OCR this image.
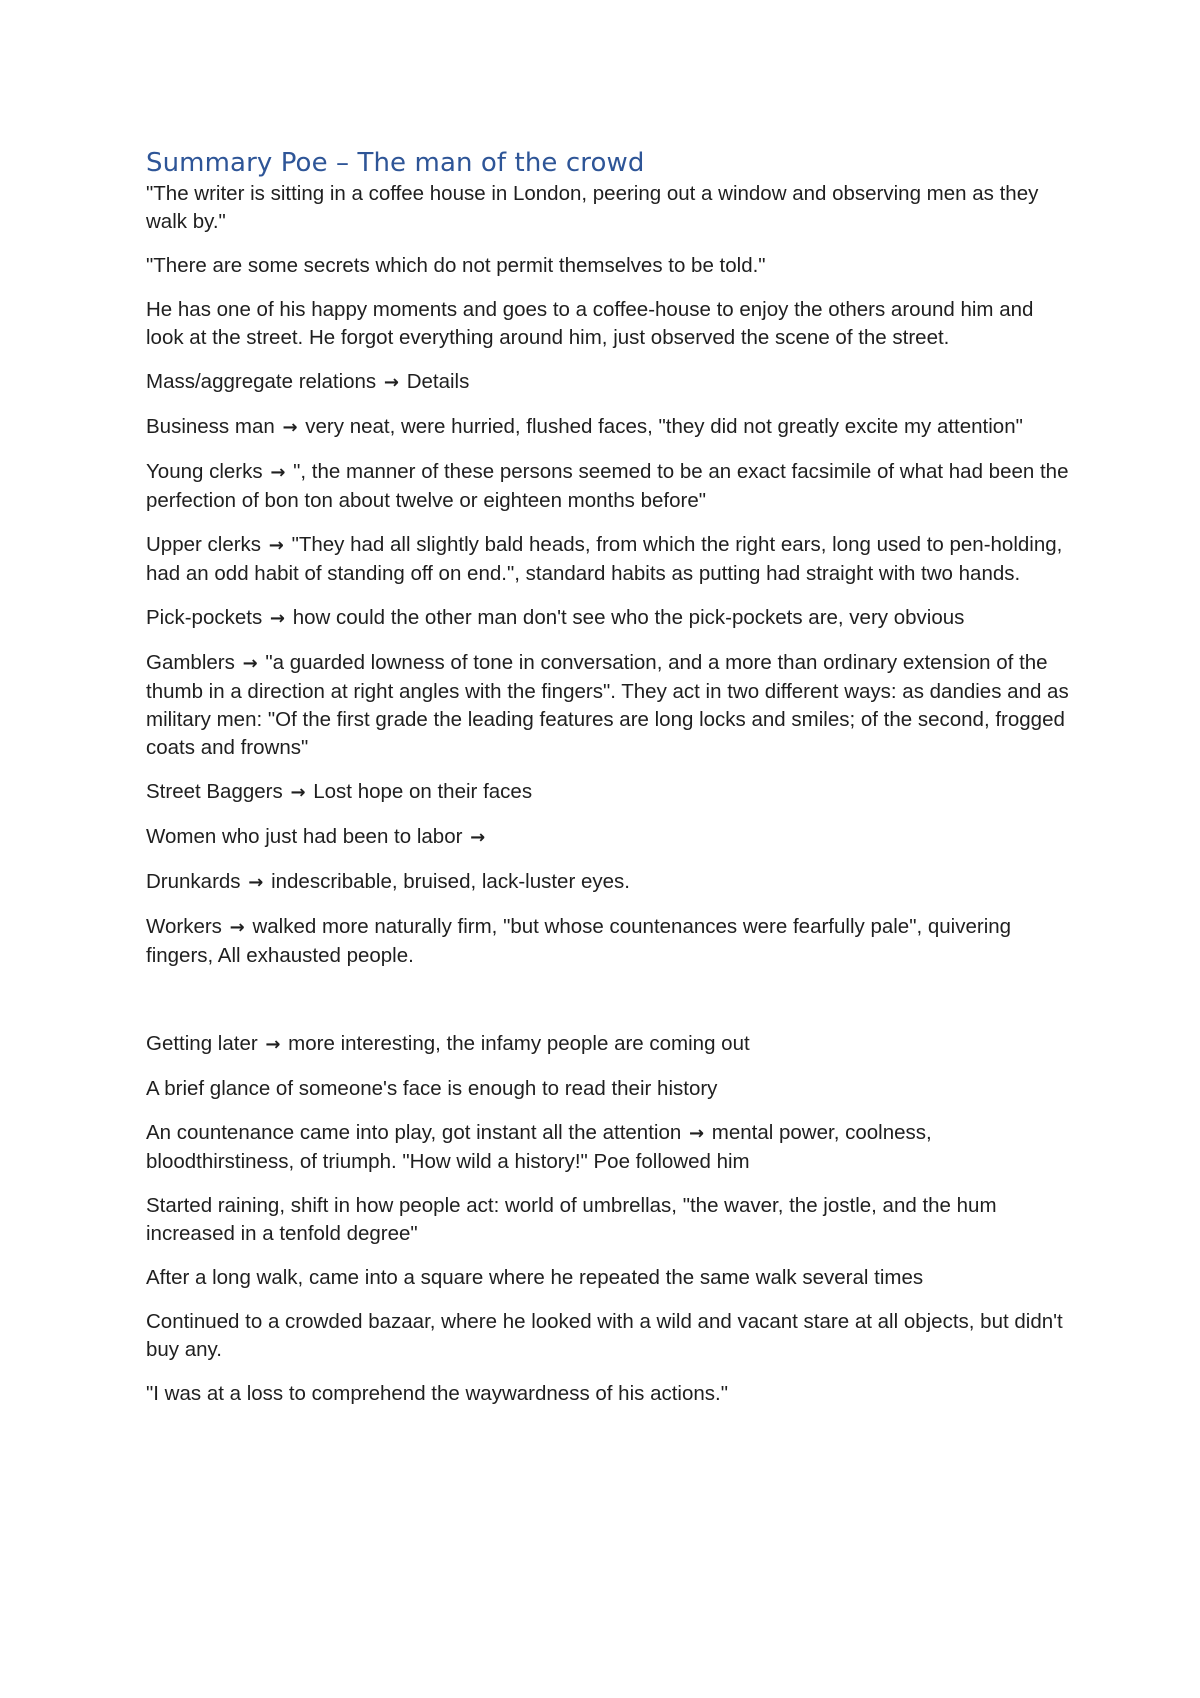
Summary Poe – The man of the crowd

"The writer is sitting in a coffee house in London, peering out a window and observing men as they walk by."

"There are some secrets which do not permit themselves to be told."

He has one of his happy moments and goes to a coffee-house to enjoy the others around him and look at the street. He forgot everything around him, just observed the scene of the street.

Mass/aggregate relations → Details

Business man → very neat, were hurried, flushed faces, "they did not greatly excite my attention"

Young clerks → ", the manner of these persons seemed to be an exact facsimile of what had been the perfection of bon ton about twelve or eighteen months before"

Upper clerks → "They had all slightly bald heads, from which the right ears, long used to pen-holding, had an odd habit of standing off on end.", standard habits as putting had straight with two hands.

Pick-pockets → how could the other man don't see who the pick-pockets are, very obvious

Gamblers → "a guarded lowness of tone in conversation, and a more than ordinary extension of the thumb in a direction at right angles with the fingers". They act in two different ways: as dandies and as military men: "Of the first grade the leading features are long locks and smiles; of the second, frogged coats and frowns"

Street Baggers → Lost hope on their faces

Women who just had been to labor →

Drunkards → indescribable, bruised, lack-luster eyes.

Workers → walked more naturally firm, "but whose countenances were fearfully pale", quivering fingers, All exhausted people.

Getting later → more interesting, the infamy people are coming out

A brief glance of someone's face is enough to read their history

An countenance came into play, got instant all the attention → mental power, coolness, bloodthirstiness, of triumph. "How wild a history!" Poe followed him

Started raining, shift in how people act: world of umbrellas, "the waver, the jostle, and the hum increased in a tenfold degree"

After a long walk, came into a square where he repeated the same walk several times

Continued to a crowded bazaar, where he looked with a wild and vacant stare at all objects, but didn't buy any.

"I was at a loss to comprehend the waywardness of his actions."
